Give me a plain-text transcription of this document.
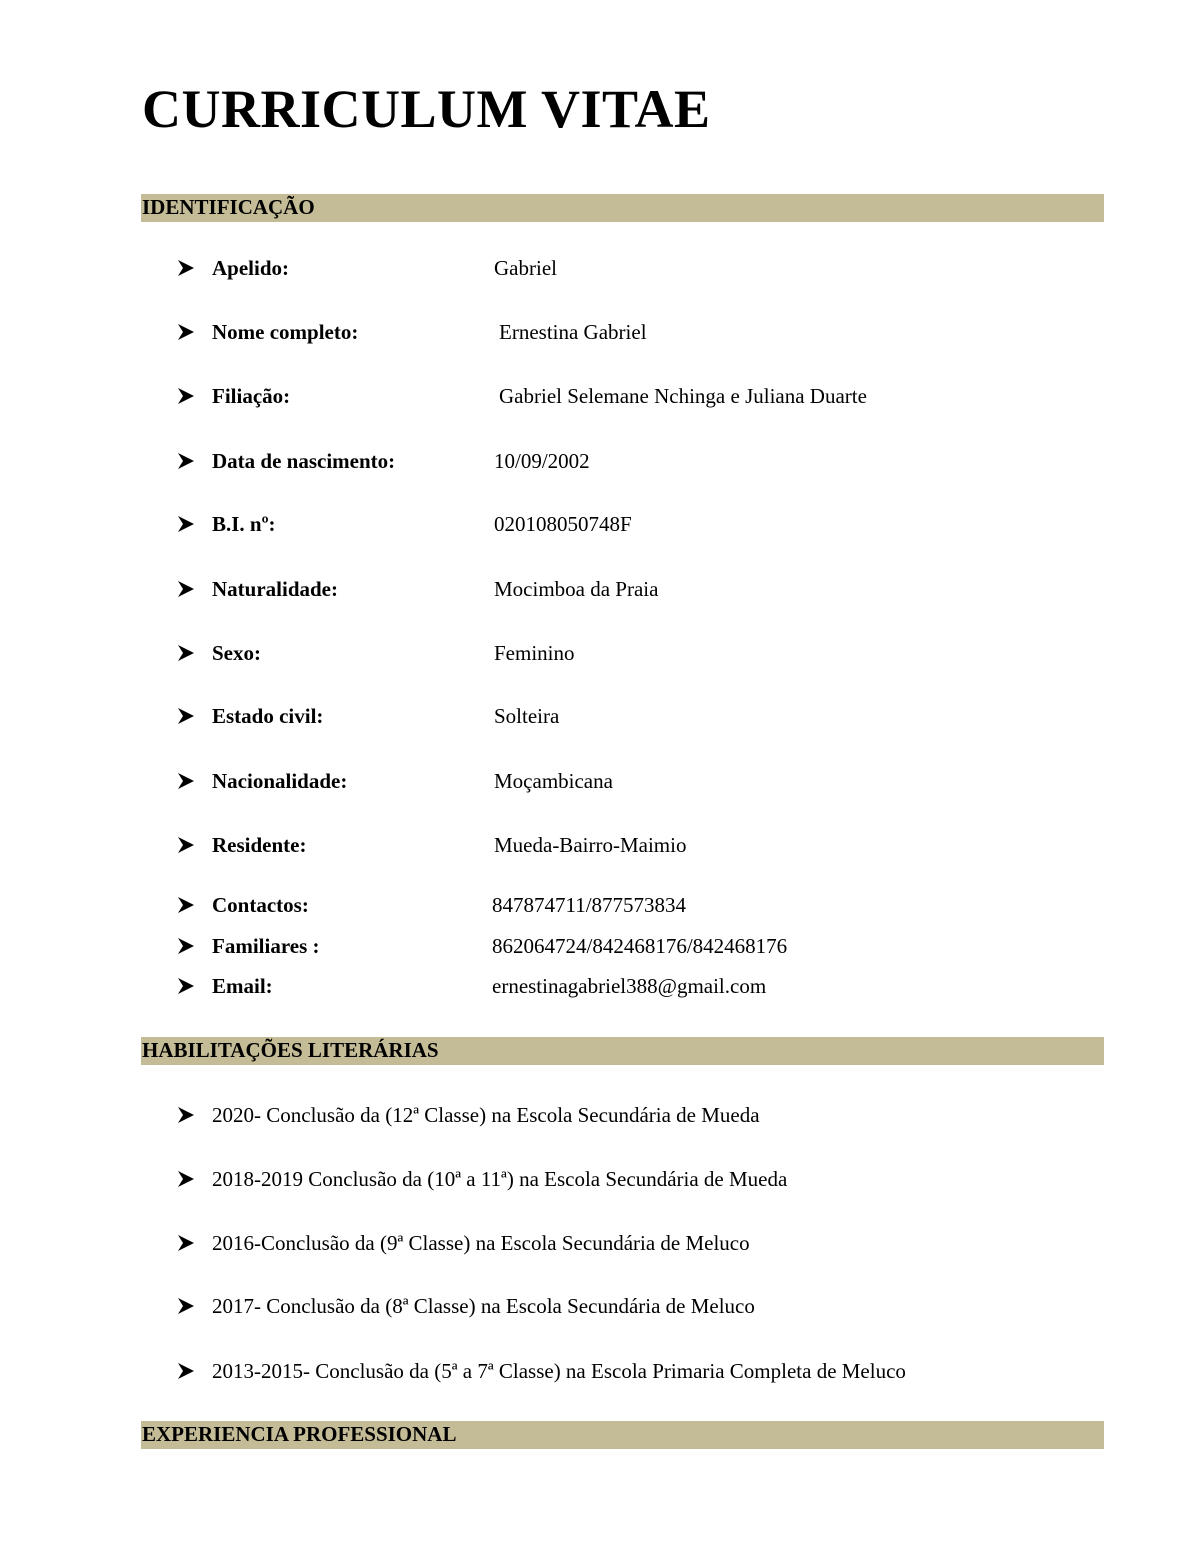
CURRICULUM VITAE
IDENTIFICAÇÃO
Apelido:	Gabriel
Nome completo:	Ernestina Gabriel
Filiação:	Gabriel Selemane Nchinga e Juliana Duarte
Data de nascimento:	10/09/2002
B.I. nº:	020108050748F
Naturalidade:	Mocimboa da Praia
Sexo:	Feminino
Estado civil:	Solteira
Nacionalidade:	Moçambicana
Residente:	Mueda-Bairro-Maimio
Contactos:	847874711/877573834
Familiares :	862064724/842468176/842468176
Email:	ernestinagabriel388@gmail.com
HABILITAÇÕES LITERÁRIAS
2020- Conclusão da (12ª Classe) na Escola Secundária de Mueda
2018-2019 Conclusão da (10ª a 11ª) na Escola Secundária de Mueda
2016-Conclusão da (9ª Classe) na Escola Secundária de Meluco
2017- Conclusão da (8ª Classe) na Escola Secundária de Meluco
2013-2015- Conclusão da (5ª a 7ª Classe) na Escola Primaria Completa de Meluco
EXPERIENCIA PROFESSIONAL
